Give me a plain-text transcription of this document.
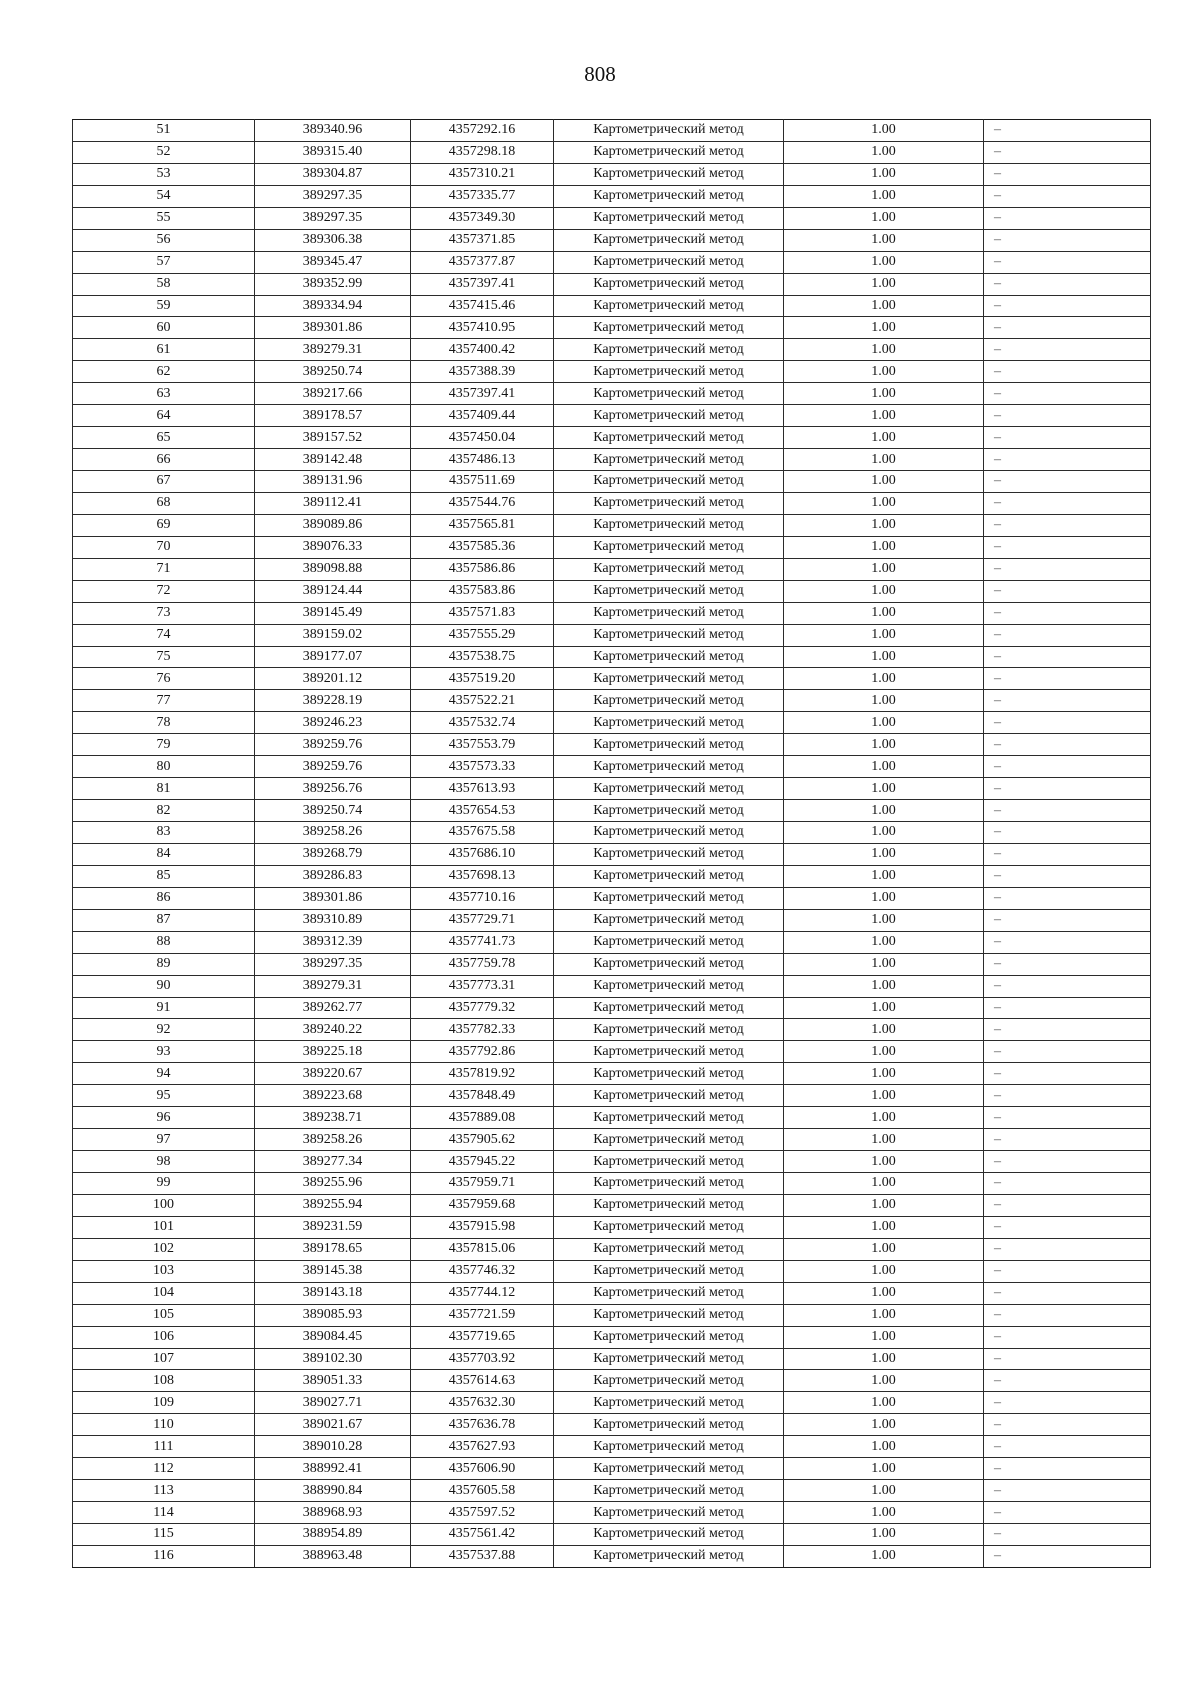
808
51	389340.96	4357292.16	Картометрический метод	1.00	–
52	389315.40	4357298.18	Картометрический метод	1.00	–
53	389304.87	4357310.21	Картометрический метод	1.00	–
54	389297.35	4357335.77	Картометрический метод	1.00	–
55	389297.35	4357349.30	Картометрический метод	1.00	–
56	389306.38	4357371.85	Картометрический метод	1.00	–
57	389345.47	4357377.87	Картометрический метод	1.00	–
58	389352.99	4357397.41	Картометрический метод	1.00	–
59	389334.94	4357415.46	Картометрический метод	1.00	–
60	389301.86	4357410.95	Картометрический метод	1.00	–
61	389279.31	4357400.42	Картометрический метод	1.00	–
62	389250.74	4357388.39	Картометрический метод	1.00	–
63	389217.66	4357397.41	Картометрический метод	1.00	–
64	389178.57	4357409.44	Картометрический метод	1.00	–
65	389157.52	4357450.04	Картометрический метод	1.00	–
66	389142.48	4357486.13	Картометрический метод	1.00	–
67	389131.96	4357511.69	Картометрический метод	1.00	–
68	389112.41	4357544.76	Картометрический метод	1.00	–
69	389089.86	4357565.81	Картометрический метод	1.00	–
70	389076.33	4357585.36	Картометрический метод	1.00	–
71	389098.88	4357586.86	Картометрический метод	1.00	–
72	389124.44	4357583.86	Картометрический метод	1.00	–
73	389145.49	4357571.83	Картометрический метод	1.00	–
74	389159.02	4357555.29	Картометрический метод	1.00	–
75	389177.07	4357538.75	Картометрический метод	1.00	–
76	389201.12	4357519.20	Картометрический метод	1.00	–
77	389228.19	4357522.21	Картометрический метод	1.00	–
78	389246.23	4357532.74	Картометрический метод	1.00	–
79	389259.76	4357553.79	Картометрический метод	1.00	–
80	389259.76	4357573.33	Картометрический метод	1.00	–
81	389256.76	4357613.93	Картометрический метод	1.00	–
82	389250.74	4357654.53	Картометрический метод	1.00	–
83	389258.26	4357675.58	Картометрический метод	1.00	–
84	389268.79	4357686.10	Картометрический метод	1.00	–
85	389286.83	4357698.13	Картометрический метод	1.00	–
86	389301.86	4357710.16	Картометрический метод	1.00	–
87	389310.89	4357729.71	Картометрический метод	1.00	–
88	389312.39	4357741.73	Картометрический метод	1.00	–
89	389297.35	4357759.78	Картометрический метод	1.00	–
90	389279.31	4357773.31	Картометрический метод	1.00	–
91	389262.77	4357779.32	Картометрический метод	1.00	–
92	389240.22	4357782.33	Картометрический метод	1.00	–
93	389225.18	4357792.86	Картометрический метод	1.00	–
94	389220.67	4357819.92	Картометрический метод	1.00	–
95	389223.68	4357848.49	Картометрический метод	1.00	–
96	389238.71	4357889.08	Картометрический метод	1.00	–
97	389258.26	4357905.62	Картометрический метод	1.00	–
98	389277.34	4357945.22	Картометрический метод	1.00	–
99	389255.96	4357959.71	Картометрический метод	1.00	–
100	389255.94	4357959.68	Картометрический метод	1.00	–
101	389231.59	4357915.98	Картометрический метод	1.00	–
102	389178.65	4357815.06	Картометрический метод	1.00	–
103	389145.38	4357746.32	Картометрический метод	1.00	–
104	389143.18	4357744.12	Картометрический метод	1.00	–
105	389085.93	4357721.59	Картометрический метод	1.00	–
106	389084.45	4357719.65	Картометрический метод	1.00	–
107	389102.30	4357703.92	Картометрический метод	1.00	–
108	389051.33	4357614.63	Картометрический метод	1.00	–
109	389027.71	4357632.30	Картометрический метод	1.00	–
110	389021.67	4357636.78	Картометрический метод	1.00	–
111	389010.28	4357627.93	Картометрический метод	1.00	–
112	388992.41	4357606.90	Картометрический метод	1.00	–
113	388990.84	4357605.58	Картометрический метод	1.00	–
114	388968.93	4357597.52	Картометрический метод	1.00	–
115	388954.89	4357561.42	Картометрический метод	1.00	–
116	388963.48	4357537.88	Картометрический метод	1.00	–
